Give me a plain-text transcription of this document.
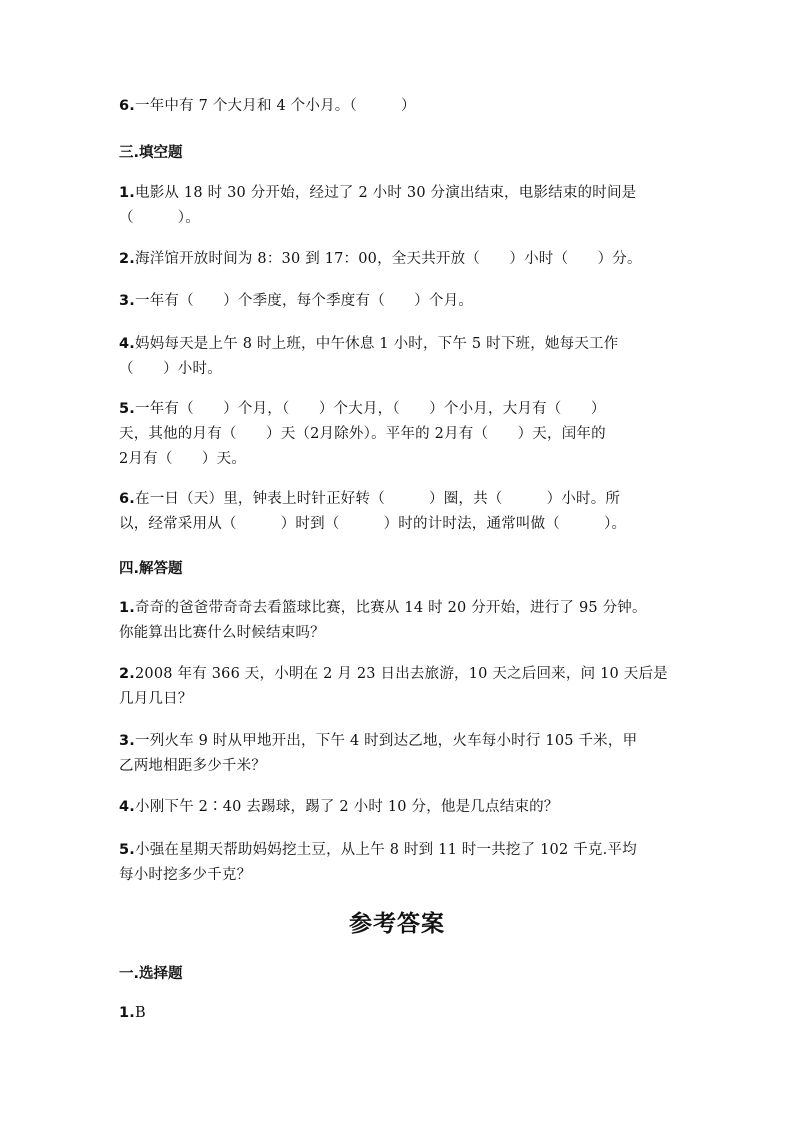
6.一年中有 7 个大月和 4 个小月。（　　　）
三.填空题
1.电影从 18 时 30 分开始，经过了 2 小时 30 分演出结束，电影结束的时间是
（　　　）。
2.海洋馆开放时间为 8：30 到 17：00，全天共开放（　　）小时（　　）分。
3.一年有（　　）个季度，每个季度有（　　）个月。
4.妈妈每天是上午 8 时上班，中午休息 1 小时，下午 5 时下班，她每天工作
（　　）小时。
5.一年有（　　）个月，（　　）个大月，（　　）个小月，大月有（　　）
天，其他的月有（　　）天（2月除外）。平年的 2月有（　　）天，闰年的
2月有（　　）天。
6.在一日（天）里，钟表上时针正好转（　　　）圈，共（　　　）小时。所
以，经常采用从（　　　）时到（　　　）时的计时法，通常叫做（　　　）。
四.解答题
1.奇奇的爸爸带奇奇去看篮球比赛，比赛从 14 时 20 分开始，进行了 95 分钟。
你能算出比赛什么时候结束吗？
2.2008 年有 366 天，小明在 2 月 23 日出去旅游，10 天之后回来，问 10 天后是
几月几日？
3.一列火车 9 时从甲地开出，下午 4 时到达乙地，火车每小时行 105 千米，甲
乙两地相距多少千米？
4.小刚下午 2∶40 去踢球，踢了 2 小时 10 分，他是几点结束的？
5.小强在星期天帮助妈妈挖土豆，从上午 8 时到 11 时一共挖了 102 千克.平均
每小时挖多少千克？
参考答案
一.选择题
1.B
